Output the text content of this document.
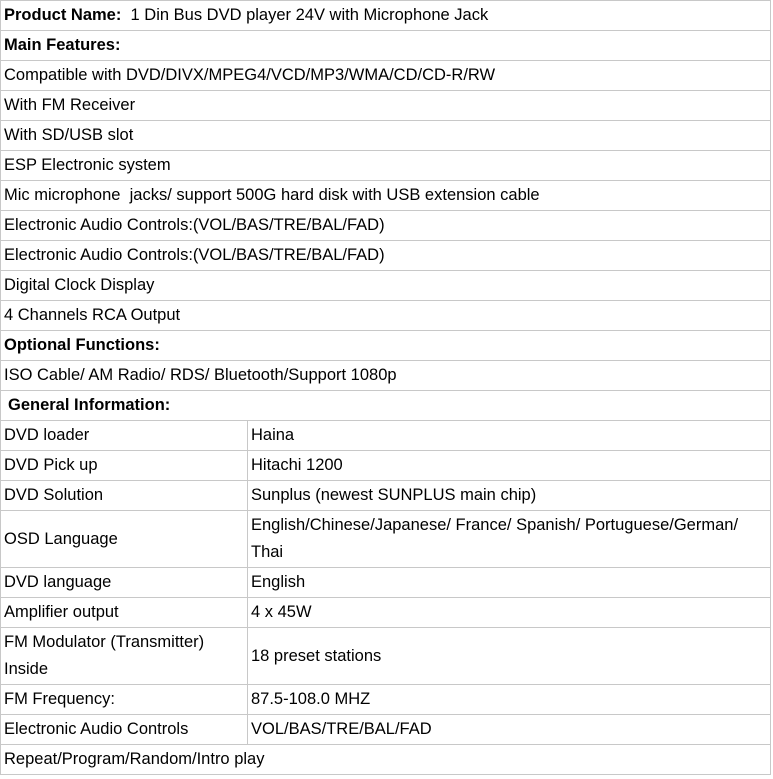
Product Name: 1 Din Bus DVD player 24V with Microphone Jack	
Main Features:	
Compatible with DVD/DIVX/MPEG4/VCD/MP3/WMA/CD/CD-R/RW	
With FM Receiver	
With SD/USB slot	
ESP Electronic system	
Mic microphone  jacks/ support 500G hard disk with USB extension cable	
Electronic Audio Controls:(VOL/BAS/TRE/BAL/FAD)	
Electronic Audio Controls:(VOL/BAS/TRE/BAL/FAD)	
Digital Clock Display	
4 Channels RCA Output	
Optional Functions:	
ISO Cable/ AM Radio/ RDS/ Bluetooth/Support 1080p	
General Information:	
DVD loader	Haina
DVD Pick up	Hitachi 1200
DVD Solution	Sunplus (newest SUNPLUS main chip)
OSD Language	English/Chinese/Japanese/ France/ Spanish/ Portuguese/German/ Thai
DVD language	English
Amplifier output	4 x 45W
FM Modulator (Transmitter) Inside	18 preset stations
FM Frequency:	87.5-108.0 MHZ
Electronic Audio Controls	VOL/BAS/TRE/BAL/FAD
Repeat/Program/Random/Intro play	
